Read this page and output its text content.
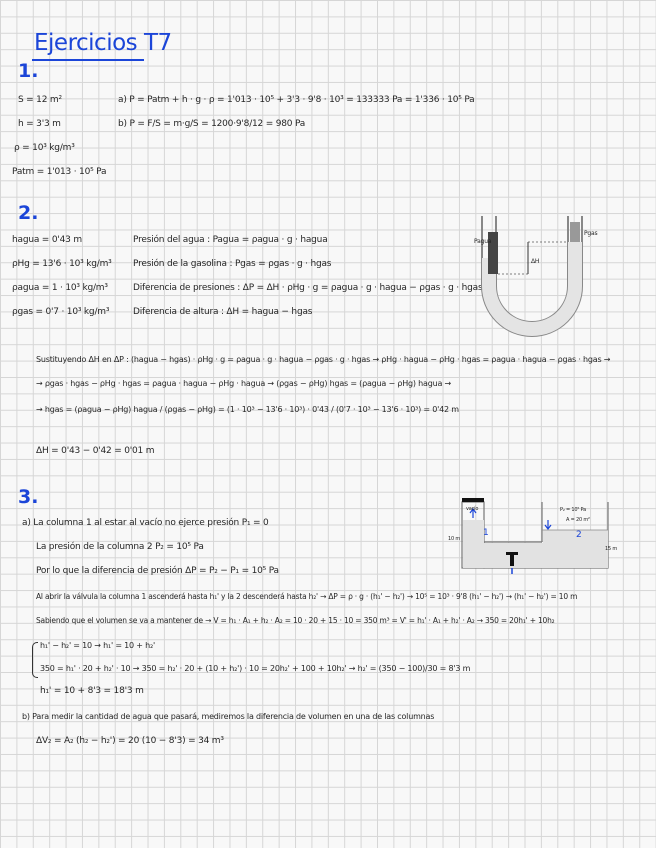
Ejercicios T7
1.
S = 12 m²
h = 3'3 m
ρ = 10³ kg/m³
Patm = 1'013 · 10⁵ Pa
a) P = Patm + h · g · ρ = 1'013 · 10⁵ + 3'3 · 9'8 · 10³ = 133333 Pa = 1'336 · 10⁵ Pa
b) P = F/S = m·g/S = 1200·9'8/12 = 980 Pa
2.
hagua = 0'43 m
ρHg = 13'6 · 10³ kg/m³
ρagua = 1 · 10³ kg/m³
ρgas = 0'7 · 10³ kg/m³
Presión del agua : Pagua = ρagua · g · hagua
Presión de la gasolina : Pgas = ρgas · g · hgas
Diferencia de presiones : ΔP = ΔH · ρHg · g = ρagua · g · hagua − ρgas · g · hgas
Diferencia de altura : ΔH = hagua − hgas
Sustituyendo ΔH en ΔP : (hagua − hgas) · ρHg · g = ρagua · g · hagua − ρgas · g · hgas → ρHg · hagua − ρHg · hgas = ρagua · hagua − ρgas · hgas →
→ ρgas · hgas − ρHg · hgas = ρagua · hagua − ρHg · hagua → (ρgas − ρHg) hgas = (ρagua − ρHg) hagua →
→ hgas = (ρagua − ρHg) hagua / (ρgas − ρHg) = (1 · 10³ − 13'6 · 10³) · 0'43 / (0'7 · 10³ − 13'6 · 10³) = 0'42 m
ΔH = 0'43 − 0'42 = 0'01 m
Pagua
Pgas
ΔH
3.
a) La columna 1 al estar al vacío no ejerce presión P₁ = 0
La presión de la columna 2 P₂ = 10⁵ Pa
Por lo que la diferencia de presión ΔP = P₂ − P₁ = 10⁵ Pa
Al abrir la válvula la columna 1 ascenderá hasta h₁' y la 2 descenderá hasta h₂' → ΔP = ρ · g · (h₁' − h₂') → 10⁵ = 10³ · 9'8 (h₁' − h₂') → (h₁' − h₂') = 10 m
Sabiendo que el volumen se va a mantener de → V = h₁ · A₁ + h₂ · A₂ = 10 · 20 + 15 · 10 = 350 m³ = V' = h₁' · A₁ + h₂' · A₂ → 350 = 20h₁' + 10h₂
h₁' − h₂' = 10 → h₁' = 10 + h₂'
350 = h₁' · 20 + h₂' · 10 → 350 = h₂' · 20 + (10 + h₂') · 10 = 20h₂' + 100 + 10h₂' → h₂' = (350 − 100)/30 = 8'3 m
h₁' = 10 + 8'3 = 18'3 m
b) Para medir la cantidad de agua que pasará, mediremos la diferencia de volumen en una de las columnas
ΔV₂ = A₂ (h₂ − h₂') = 20 (10 − 8'3) = 34 m³
vacío	P₂ = 10⁵ Pa
A = 20 m²
10 m
15 m
1	2
